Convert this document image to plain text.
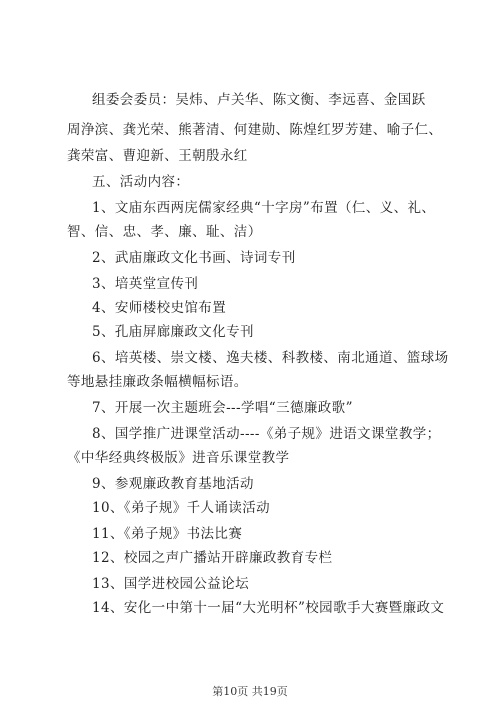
组委会委员：吴炜、卢关华、陈文衡、李远喜、金国跃
周浄滨、龚光荣、熊著清、何建勋、陈煌红罗芳建、喻子仁、
龚荣富、曹迎新、王朝殷永红
五、活动内容：
1、文庙东西两庑儒家经典“十字房”布置（仁、义、礼、
智、信、忠、孝、廉、耻、洁）
2、武庙廉政文化书画、诗词专刊
3、培英堂宣传刊
4、安师楼校史馆布置
5、孔庙屏廊廉政文化专刊
6、培英楼、崇文楼、逸夫楼、科教楼、南北通道、篮球场
等地悬挂廉政条幅横幅标语。
7、开展一次主题班会---学唱“三德廉政歌”
8、国学推广进课堂活动----《弟子规》进语文课堂教学；
《中华经典终极版》进音乐课堂教学
9、参观廉政教育基地活动
10、《弟子规》千人诵读活动
11、《弟子规》书法比赛
12、校园之声广播站开辟廉政教育专栏
13、国学进校园公益论坛
14、安化一中第十一届“大光明杯”校园歌手大赛暨廉政文
第10页 共19页
